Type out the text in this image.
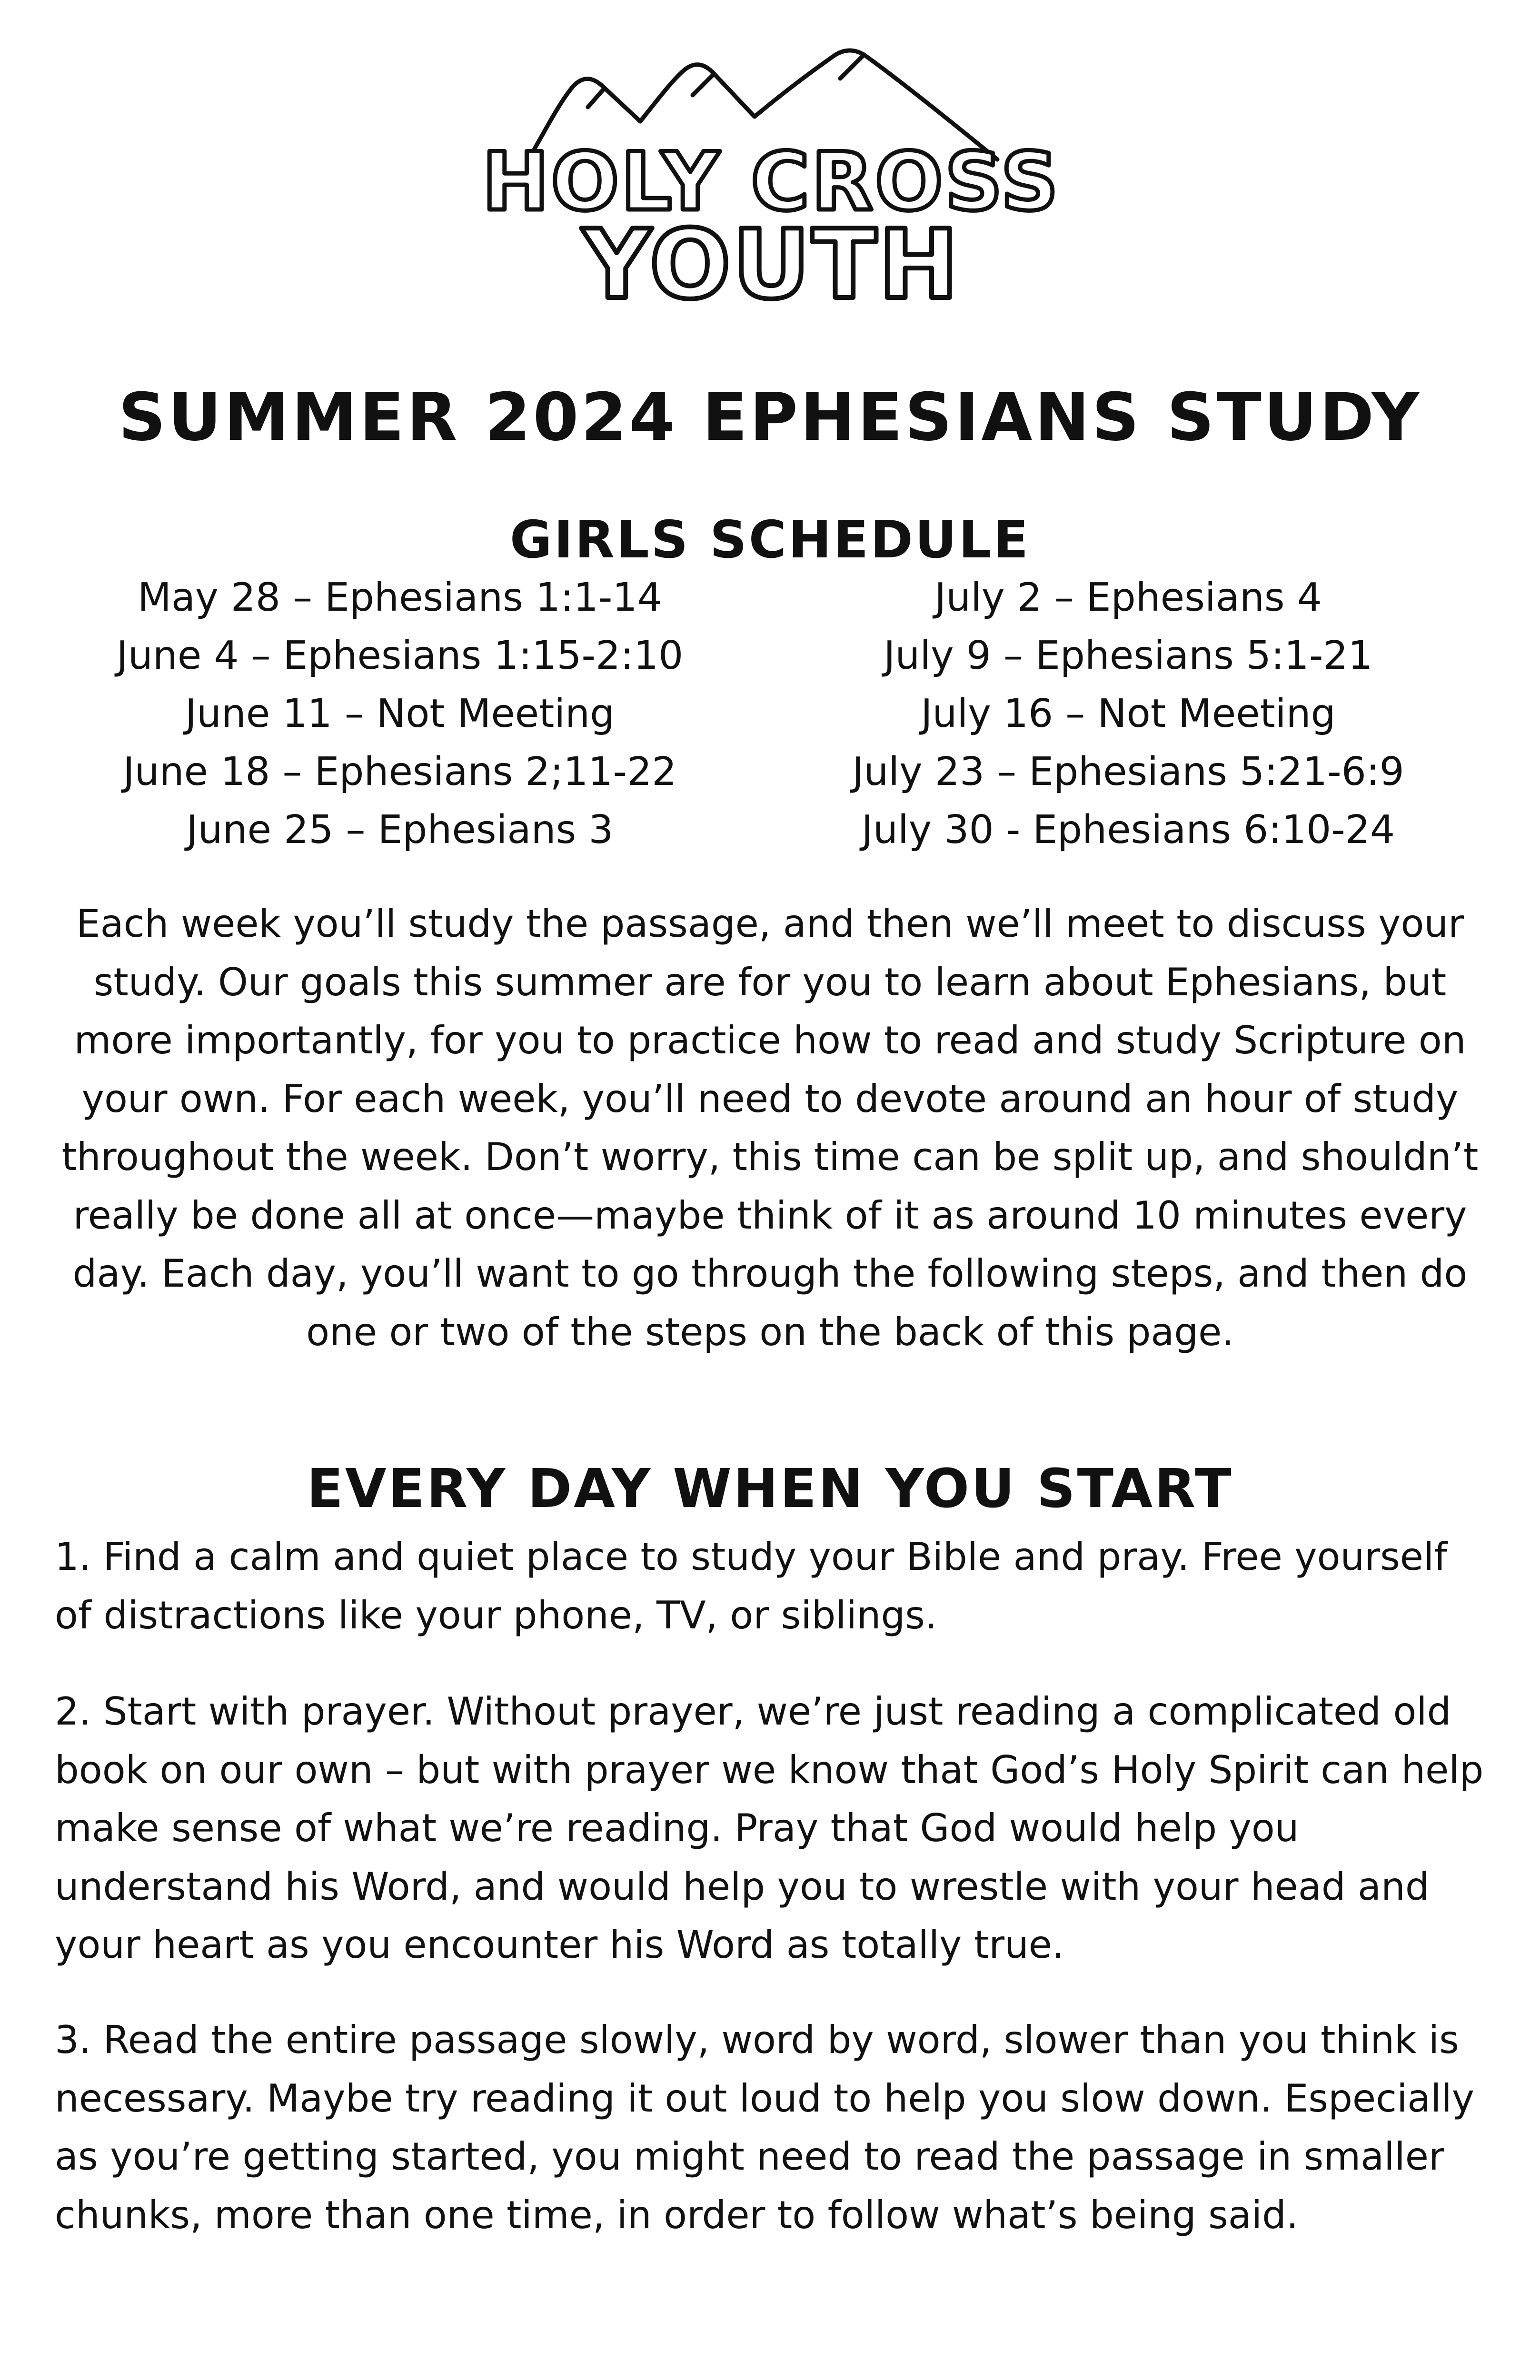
HOLY CROSS
YOUTH
SUMMER 2024 EPHESIANS STUDY
GIRLS SCHEDULE
May 28 – Ephesians 1:1-14
June 4 – Ephesians 1:15-2:10
June 11 – Not Meeting
June 18 – Ephesians 2;11-22
June 25 – Ephesians 3
July 2 – Ephesians 4
July 9 – Ephesians 5:1-21
July 16 – Not Meeting
July 23 – Ephesians 5:21-6:9
July 30 - Ephesians 6:10-24

Each week you’ll study the passage, and then we’ll meet to discuss your study. Our goals this summer are for you to learn about Ephesians, but more importantly, for you to practice how to read and study Scripture on your own. For each week, you’ll need to devote around an hour of study throughout the week. Don’t worry, this time can be split up, and shouldn’t really be done all at once—maybe think of it as around 10 minutes every day. Each day, you’ll want to go through the following steps, and then do one or two of the steps on the back of this page.

EVERY DAY WHEN YOU START

1. Find a calm and quiet place to study your Bible and pray. Free yourself of distractions like your phone, TV, or siblings.

2. Start with prayer. Without prayer, we’re just reading a complicated old book on our own – but with prayer we know that God’s Holy Spirit can help make sense of what we’re reading. Pray that God would help you understand his Word, and would help you to wrestle with your head and your heart as you encounter his Word as totally true.

3. Read the entire passage slowly, word by word, slower than you think is necessary. Maybe try reading it out loud to help you slow down. Especially as you’re getting started, you might need to read the passage in smaller chunks, more than one time, in order to follow what’s being said.
